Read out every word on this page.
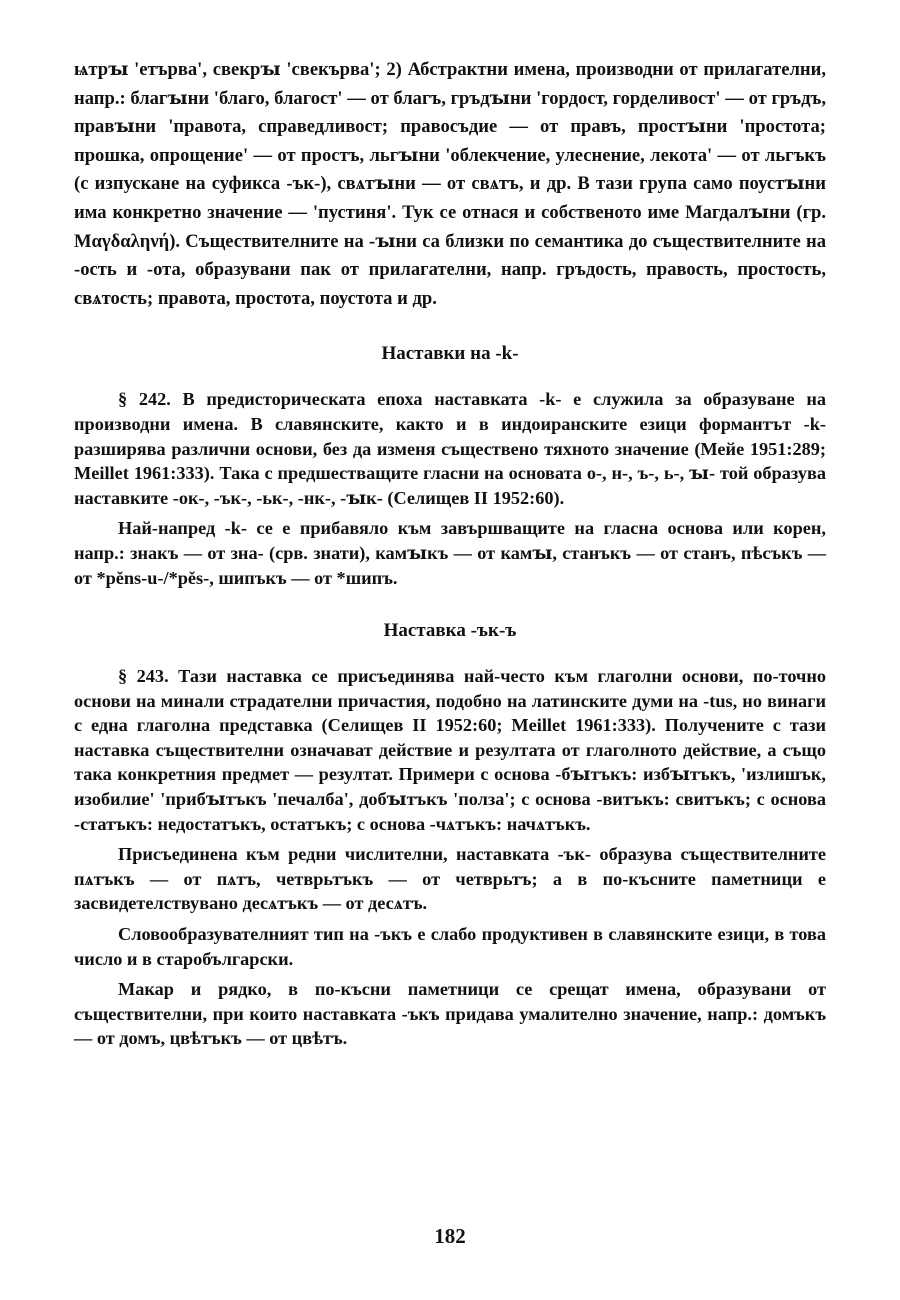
ѩтрꙑ 'етърва', свекрꙑ 'свекърва'; 2) Абстрактни имена, производни от прилагателни, напр.: благꙑни 'благо, благост' — от благъ, гръдꙑни 'гордост, горделивост' — от гръдъ, правꙑни 'правота, справедливост; правосъдие — от правъ, простꙑни 'простота; прошка, опрощение' — от простъ, льгꙑни 'облекчение, улеснение, лекота' — от льгъкъ (с изпускане на суфикса -ък-), свѧтꙑни — от свѧтъ, и др. В тази група само поустꙑни има конкретно значение — 'пустиня'. Тук се отнася и собственото име Магдалꙑни (гр. Μαγδαληνή). Съществителните на -ꙑни са близки по семантика до съществителните на -ость и -ота, образувани пак от прилагателни, напр. гръдость, правость, простость, свѧтость; правота, простота, поустота и др.

Наставки на -k-

§ 242. В предисторическата епоха наставката -k- е служила за образуване на производни имена. В славянските, както и в индоиранските езици формантът -k- разширява различни основи, без да изменя съществено тяхното значение (Мейе 1951:289; Meillet 1961:333). Така с предшестващите гласни на основата о-, н-, ъ-, ь-, ꙑ- той образува наставките -ок-, -ък-, -ьк-, -нк-, -ꙑк- (Селищев II 1952:60).

Най-напред -k- се е прибавяло към завършващите на гласна основа или корен, напр.: знакъ — от зна- (срв. знати), камꙑкъ — от камꙑ, станъкъ — от станъ, пѣсъкъ — от *pěns-u-/*pěs-, шипъкъ — от *шипъ.

Наставка -ък-ъ

§ 243. Тази наставка се присъединява най-често към глаголни основи, по-точно основи на минали страдателни причастия, подобно на латинските думи на -tus, но винаги с една глаголна представка (Селищев II 1952:60; Meillet 1961:333). Получените с тази наставка съществителни означават действие и резултата от глаголното действие, а също така конкретния предмет — резултат. Примери с основа -бꙑтъкъ: избꙑтъкъ, 'излишък, изобилие' 'прибꙑтъкъ 'печалба', добꙑтъкъ 'полза'; с основа -витъкъ: свитъкъ; с основа -статъкъ: недостатъкъ, остатъкъ; с основа -чѧтъкъ: начѧтъкъ.

Присъединена към редни числителни, наставката -ък- образува съществителните пѧтъкъ — от пѧтъ, четврьтъкъ — от четврьтъ; а в по-късните паметници е засвидетелствувано десѧтъкъ — от десѧтъ.

Словообразувателният тип на -ъкъ е слабо продуктивен в славянските езици, в това число и в старобългарски.

Макар и рядко, в по-късни паметници се срещат имена, образувани от съществителни, при които наставката -ъкъ придава умалително значение, напр.: домъкъ — от домъ, цвѣтъкъ — от цвѣтъ.

182
